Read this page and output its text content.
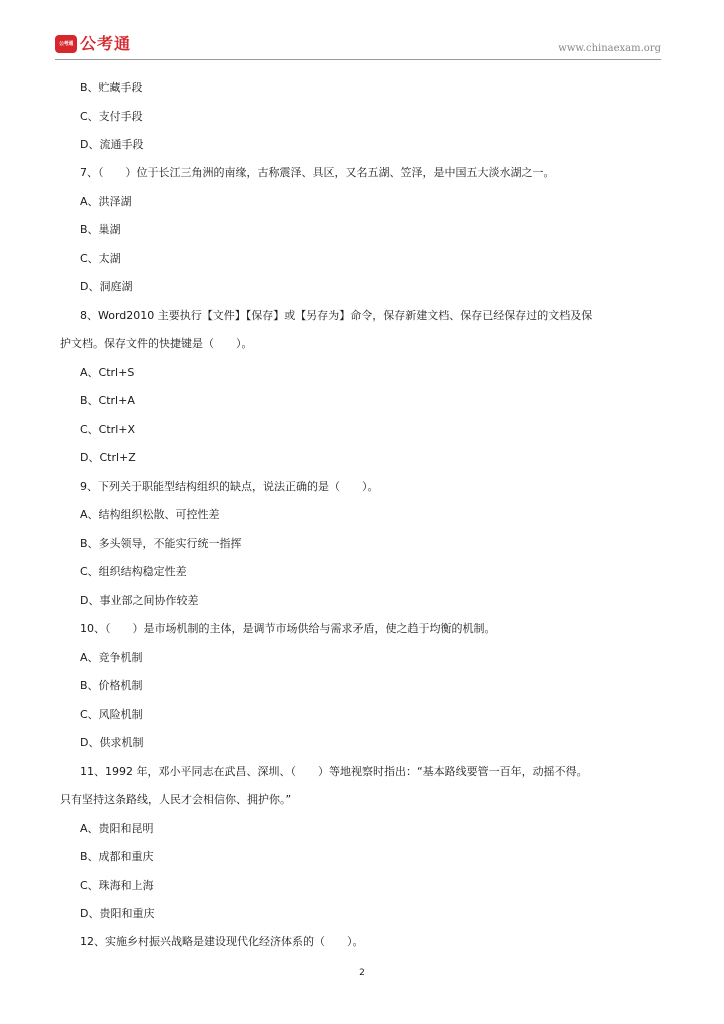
公考通 公考通	www.chinaexam.org
B、贮藏手段
C、支付手段
D、流通手段
7、（　　）位于长江三角洲的南缘，古称震泽、具区，又名五湖、笠泽，是中国五大淡水湖之一。
A、洪泽湖
B、巢湖
C、太湖
D、洞庭湖
8、Word2010 主要执行【文件】【保存】或【另存为】命令，保存新建文档、保存已经保存过的文档及保
护文档。保存文件的快捷键是（　　）。
A、Ctrl+S
B、Ctrl+A
C、Ctrl+X
D、Ctrl+Z
9、下列关于职能型结构组织的缺点，说法正确的是（　　）。
A、结构组织松散、可控性差
B、多头领导，不能实行统一指挥
C、组织结构稳定性差
D、事业部之间协作较差
10、（　　）是市场机制的主体，是调节市场供给与需求矛盾，使之趋于均衡的机制。
A、竞争机制
B、价格机制
C、风险机制
D、供求机制
11、1992 年，邓小平同志在武昌、深圳、（　　）等地视察时指出：“基本路线要管一百年，动摇不得。
只有坚持这条路线，人民才会相信你、拥护你。”
A、贵阳和昆明
B、成都和重庆
C、珠海和上海
D、贵阳和重庆
12、实施乡村振兴战略是建设现代化经济体系的（　　）。
2
